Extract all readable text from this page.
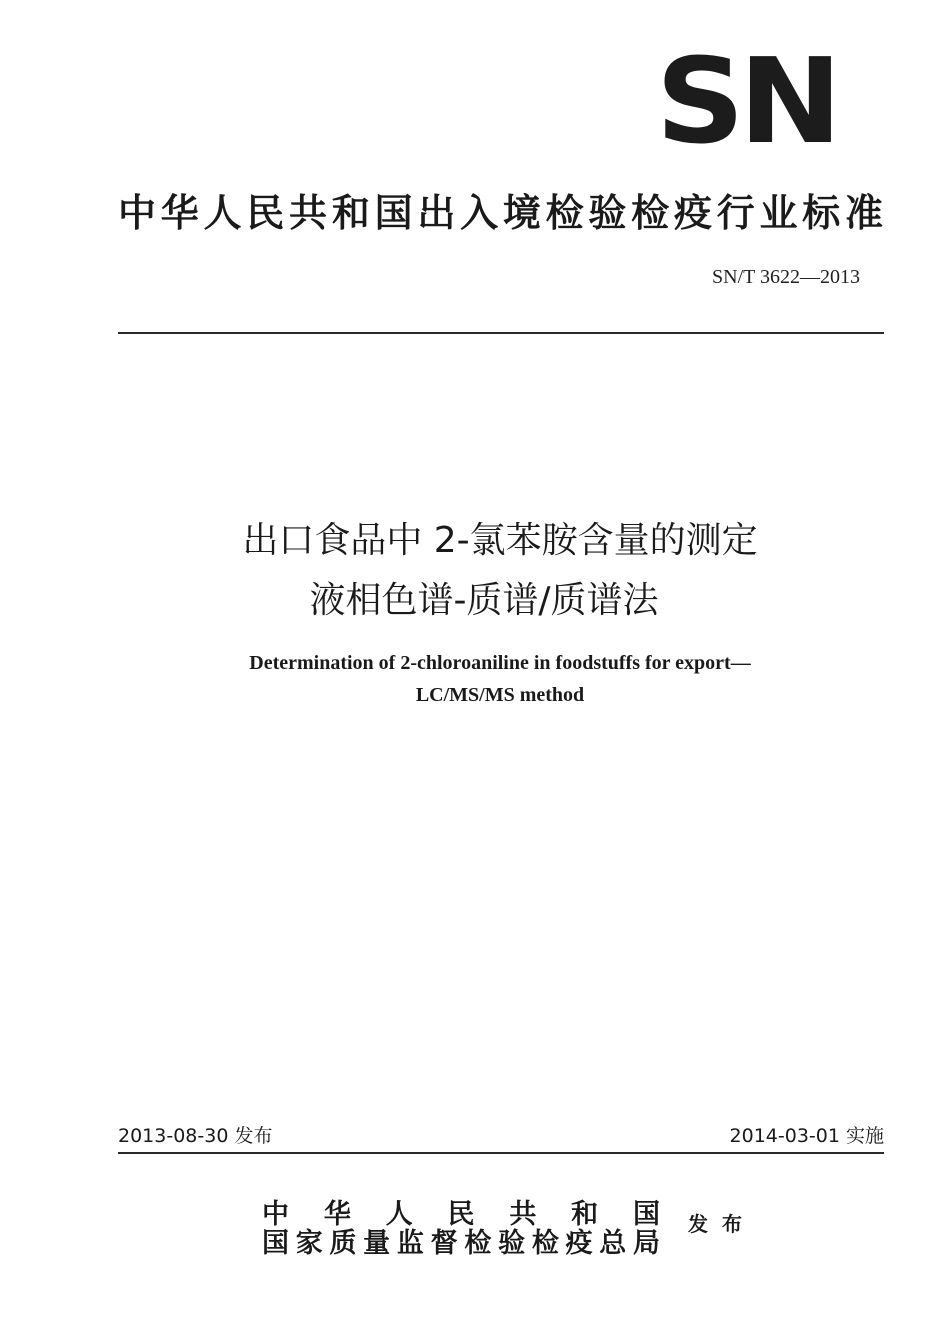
SN
中华人民共和国出入境检验检疫行业标准
SN/T 3622—2013
出口食品中 2-氯苯胺含量的测定
液相色谱-质谱/质谱法
Determination of 2-chloroaniline in foodstuffs for export—
LC/MS/MS method
2013-08-30 发布	2014-03-01 实施
中华人民共和国
国家质量监督检验检疫总局
发布
